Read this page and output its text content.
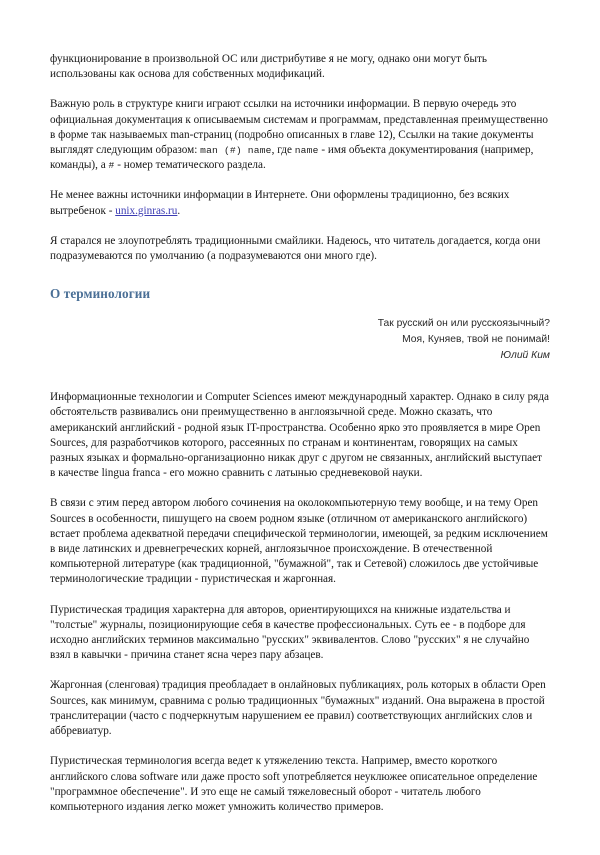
функционирование в произвольной ОС или дистрибутиве я не могу, однако они могут быть использованы как основа для собственных модификаций.

Важную роль в структуре книги играют ссылки на источники информации. В первую очередь это официальная документация к описываемым системам и программам, представленная преимущественно в форме так называемых man-страниц (подробно описанных в главе 12), Ссылки на такие документы выглядят следующим образом: man (#) name, где name - имя объекта документирования (например, команды), а # - номер тематического раздела.

Не менее важны источники информации в Интернете. Они оформлены традиционно, без всяких вытребенок - unix.ginras.ru.

Я старался не злоупотреблять традиционными смайлики. Надеюсь, что читатель догадается, когда они подразумеваются по умолчанию (а подразумеваются они много где).

О терминологии
Так русский он или русскоязычный?
Моя, Куняев, твой не понимай!
Юлий Ким

Информационные технологии и Computer Sciences имеют международный характер. Однако в силу ряда обстоятельств развивались они преимущественно в англоязычной среде. Можно сказать, что американский английский - родной язык IT-пространства. Особенно ярко это проявляется в мире Open Sources, для разработчиков которого, рассеянных по странам и континентам, говорящих на самых разных языках и формально-организационно никак друг с другом не связанных, английский выступает в качестве lingua franca - его можно сравнить с латынью средневековой науки.

В связи с этим перед автором любого сочинения на околокомпьютерную тему вообще, и на тему Open Sources в особенности, пишущего на своем родном языке (отличном от американского английского) встает проблема адекватной передачи специфической терминологии, имеющей, за редким исключением в виде латинских и древнегреческих корней, англоязычное происхождение. В отечественной компьютерной литературе (как традиционной, "бумажной", так и Сетевой) сложилось две устойчивые терминологические традиции - пуристическая и жаргонная.

Пуристическая традиция характерна для авторов, ориентирующихся на книжные издательства и "толстые" журналы, позиционирующие себя в качестве профессиональных. Суть ее - в подборе для исходно английских терминов максимально "русских" эквивалентов. Слово "русских" я не случайно взял в кавычки - причина станет ясна через пару абзацев.

Жаргонная (сленговая) традиция преобладает в онлайновых публикациях, роль которых в области Open Sources, как минимум, сравнима с ролью традиционных "бумажных" изданий. Она выражена в простой транслитерации (часто с подчеркнутым нарушением ее правил) соответствующих английских слов и аббревиатур.

Пуристическая терминология всегда ведет к утяжелению текста. Например, вместо короткого английского слова software или даже просто soft употребляется неуклюжее описательное определение "программное обеспечение". И это еще не самый тяжеловесный оборот - читатель любого компьютерного издания легко может умножить количество примеров.
